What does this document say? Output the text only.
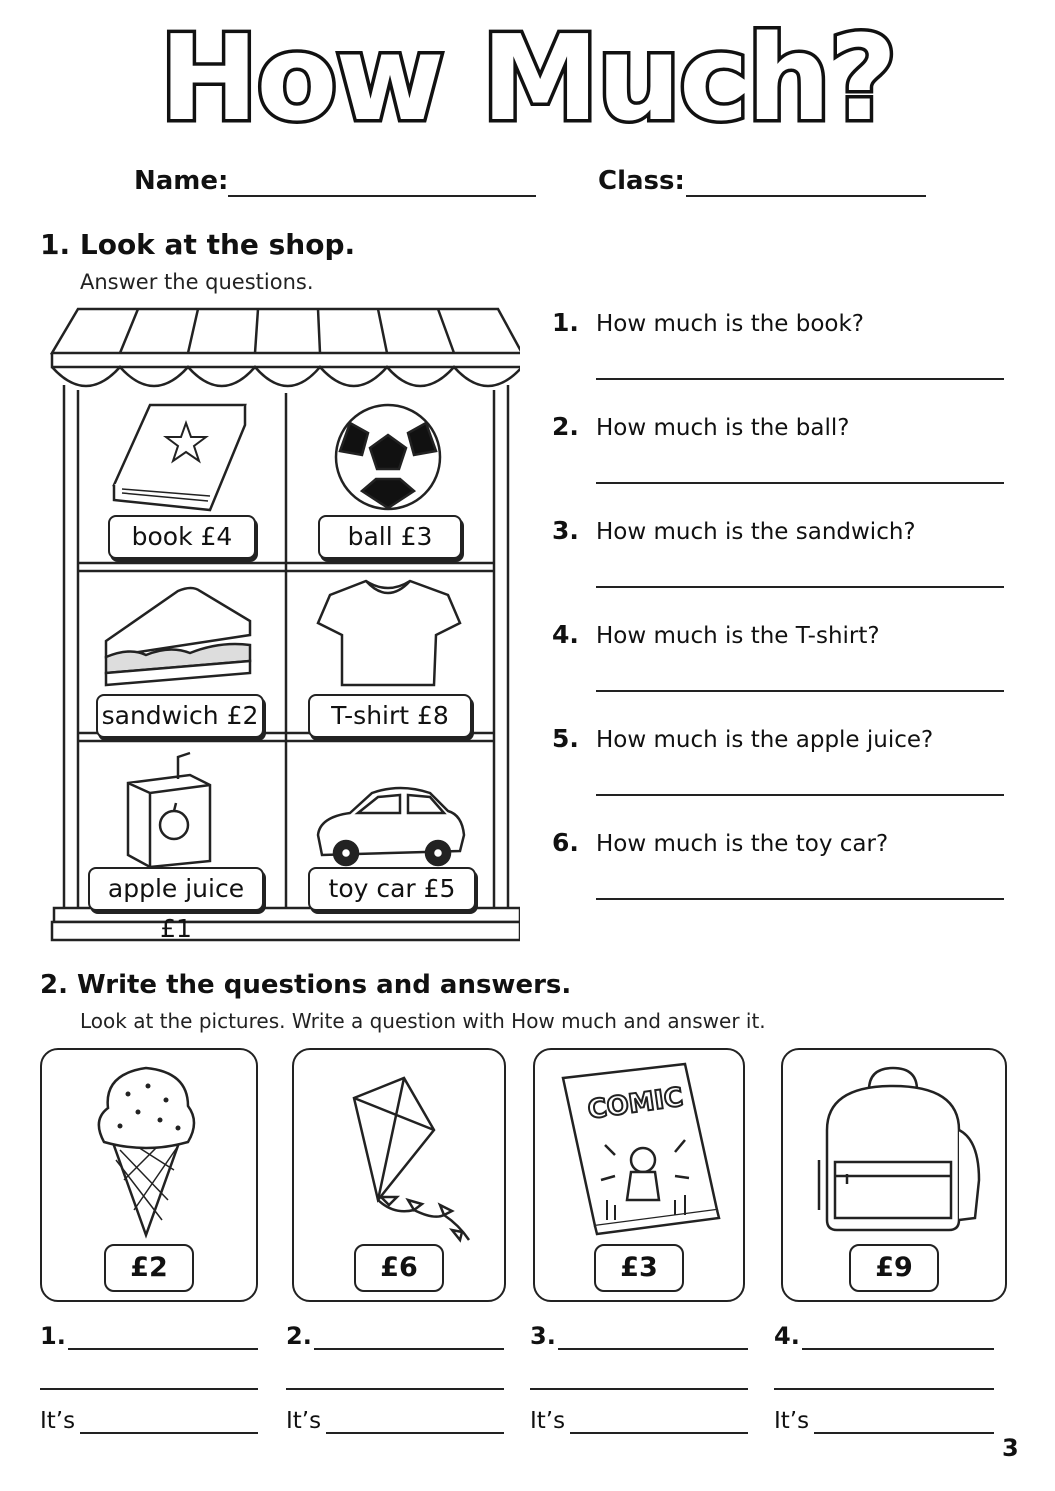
How Much?
Name:	Class:
1. Look at the shop.
Answer the questions.
book £4	ball £3
sandwich £2	T-shirt £8
apple juice £1
toy car £5
1. How much is the book?
2. How much is the ball?
3. How much is the sandwich?
4. How much is the T-shirt?
5. How much is the apple juice?
6. How much is the toy car?
2. Write the questions and answers.
Look at the pictures. Write a question with How much and answer it.
£2	£6
COMIC
£3	£9
1.
It’s
2.
It’s
3.
It’s
4.
It’s
3
